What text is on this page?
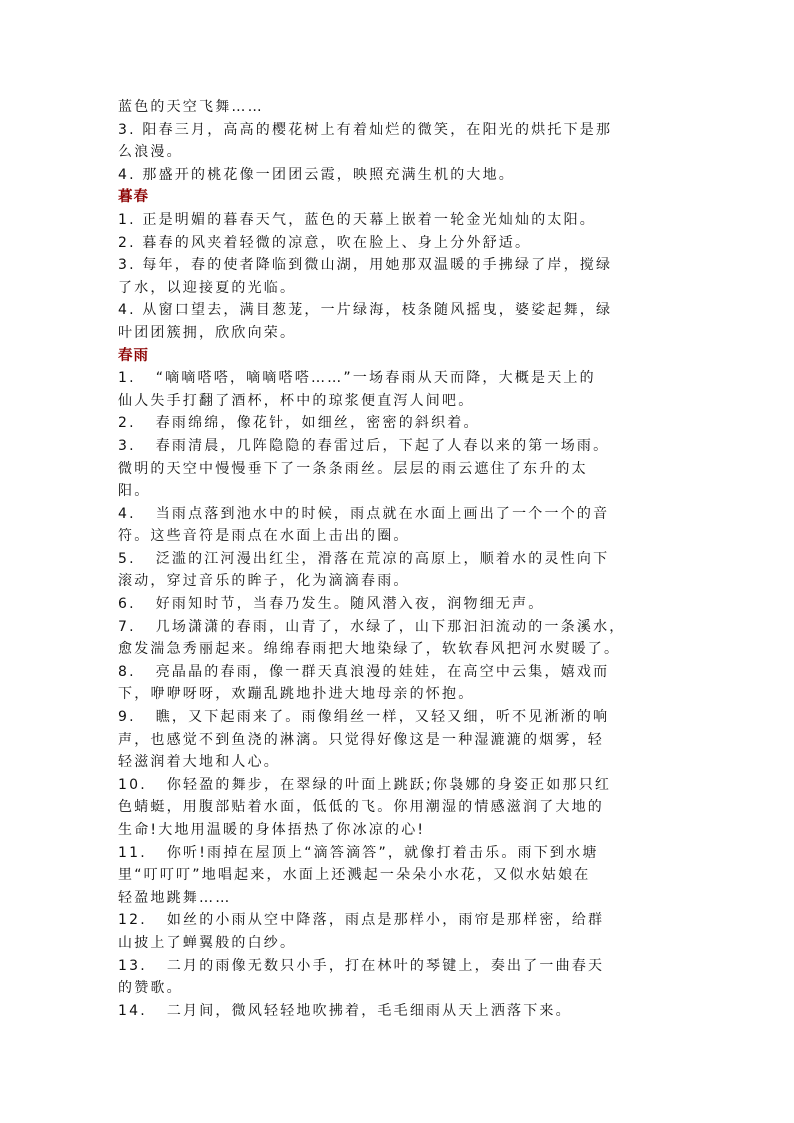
蓝色的天空飞舞……
3. 阳春三月，高高的樱花树上有着灿烂的微笑，在阳光的烘托下是那
么浪漫。
4. 那盛开的桃花像一团团云霞，映照充满生机的大地。
暮春
1. 正是明媚的暮春天气，蓝色的天幕上嵌着一轮金光灿灿的太阳。
2. 暮春的风夹着轻微的凉意，吹在脸上、身上分外舒适。
3. 每年，春的使者降临到微山湖，用她那双温暖的手拂绿了岸，搅绿
了水，以迎接夏的光临。
4. 从窗口望去，满目葱茏，一片绿海，枝条随风摇曳，婆娑起舞，绿
叶团团簇拥，欣欣向荣。
春雨
1.   “嘀嘀嗒嗒，嘀嘀嗒嗒……”一场春雨从天而降，大概是天上的
仙人失手打翻了酒杯，杯中的琼浆便直泻人间吧。
2.   春雨绵绵，像花针，如细丝，密密的斜织着。
3.   春雨清晨，几阵隐隐的春雷过后，下起了人春以来的第一场雨。
微明的天空中慢慢垂下了一条条雨丝。层层的雨云遮住了东升的太
阳。
4.   当雨点落到池水中的时候，雨点就在水面上画出了一个一个的音
符。这些音符是雨点在水面上击出的圈。
5.   泛滥的江河漫出红尘，滑落在荒凉的高原上，顺着水的灵性向下
滚动，穿过音乐的眸子，化为滴滴春雨。
6.   好雨知时节，当春乃发生。随风潜入夜，润物细无声。
7.   几场潇潇的春雨，山青了，水绿了，山下那汩汩流动的一条溪水，
愈发湍急秀丽起来。绵绵春雨把大地染绿了，软软春风把河水熨暖了。
8.   亮晶晶的春雨，像一群天真浪漫的娃娃，在高空中云集，嬉戏而
下，咿咿呀呀，欢蹦乱跳地扑进大地母亲的怀抱。
9.   瞧，又下起雨来了。雨像绢丝一样，又轻又细，听不见淅淅的响
声，也感觉不到鱼浇的淋漓。只觉得好像这是一种湿漉漉的烟雾，轻
轻滋润着大地和人心。
10.   你轻盈的舞步，在翠绿的叶面上跳跃;你袅娜的身姿正如那只红
色蜻蜓，用腹部贴着水面，低低的飞。你用潮湿的情感滋润了大地的
生命!大地用温暖的身体捂热了你冰凉的心!
11.   你听!雨掉在屋顶上“滴答滴答”，就像打着击乐。雨下到水塘
里“叮叮叮”地唱起来，水面上还溅起一朵朵小水花，又似水姑娘在
轻盈地跳舞……
12.   如丝的小雨从空中降落，雨点是那样小，雨帘是那样密，给群
山披上了蝉翼般的白纱。
13.   二月的雨像无数只小手，打在林叶的琴键上，奏出了一曲春天
的赞歌。
14.   二月间，微风轻轻地吹拂着，毛毛细雨从天上洒落下来。
